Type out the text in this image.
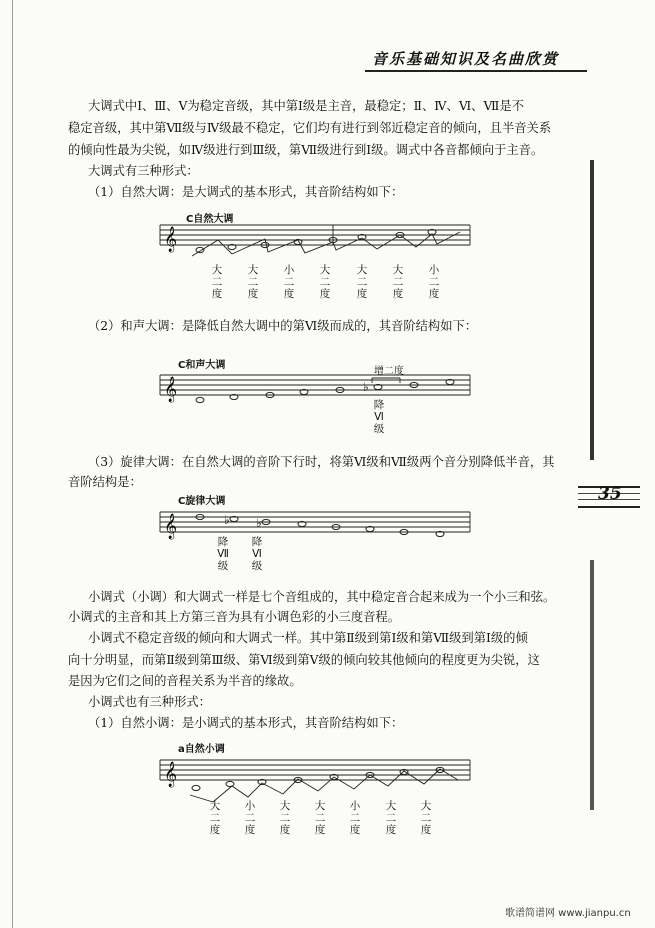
音乐基础知识及名曲欣赏
35

大调式中Ⅰ、Ⅲ、Ⅴ为稳定音级，其中第Ⅰ级是主音，最稳定；Ⅱ、Ⅳ、Ⅵ、Ⅶ是不

稳定音级，其中第Ⅶ级与Ⅳ级最不稳定，它们均有进行到邻近稳定音的倾向，且半音关系

的倾向性最为尖锐，如Ⅳ级进行到Ⅲ级，第Ⅶ级进行到Ⅰ级。调式中各音都倾向于主音。

大调式有三种形式：

（1）自然大调：是大调式的基本形式，其音阶结构如下：

C自然大调
𝄞
大
二
度
大
二
度
小
二
度
大
二
度
大
二
度
大
二
度
小
二
度

（2）和声大调：是降低自然大调中的第Ⅵ级而成的，其音阶结构如下：

C和声大调
增二度
𝄞	♭
降
Ⅵ
级

（3）旋律大调：在自然大调的音阶下行时，将第Ⅵ级和Ⅶ级两个音分别降低半音，其

音阶结构是：

C旋律大调
𝄞	♭ ♭
降
Ⅶ
级
降
Ⅵ
级

小调式（小调）和大调式一样是七个音组成的，其中稳定音合起来成为一个小三和弦。

小调式的主音和其上方第三音为具有小调色彩的小三度音程。

小调式不稳定音级的倾向和大调式一样。其中第Ⅱ级到第Ⅰ级和第Ⅶ级到第Ⅰ级的倾

向十分明显，而第Ⅱ级到第Ⅲ级、第Ⅵ级到第Ⅴ级的倾向较其他倾向的程度更为尖锐，这

是因为它们之间的音程关系为半音的缘故。

小调式也有三种形式：

（1）自然小调：是小调式的基本形式，其音阶结构如下：

a自然小调
𝄞
大
二
度
小
二
度
大
二
度
大
二
度
小
二
度
大
二
度
大
二
度
歌谱简谱网 www.jianpu.cn
